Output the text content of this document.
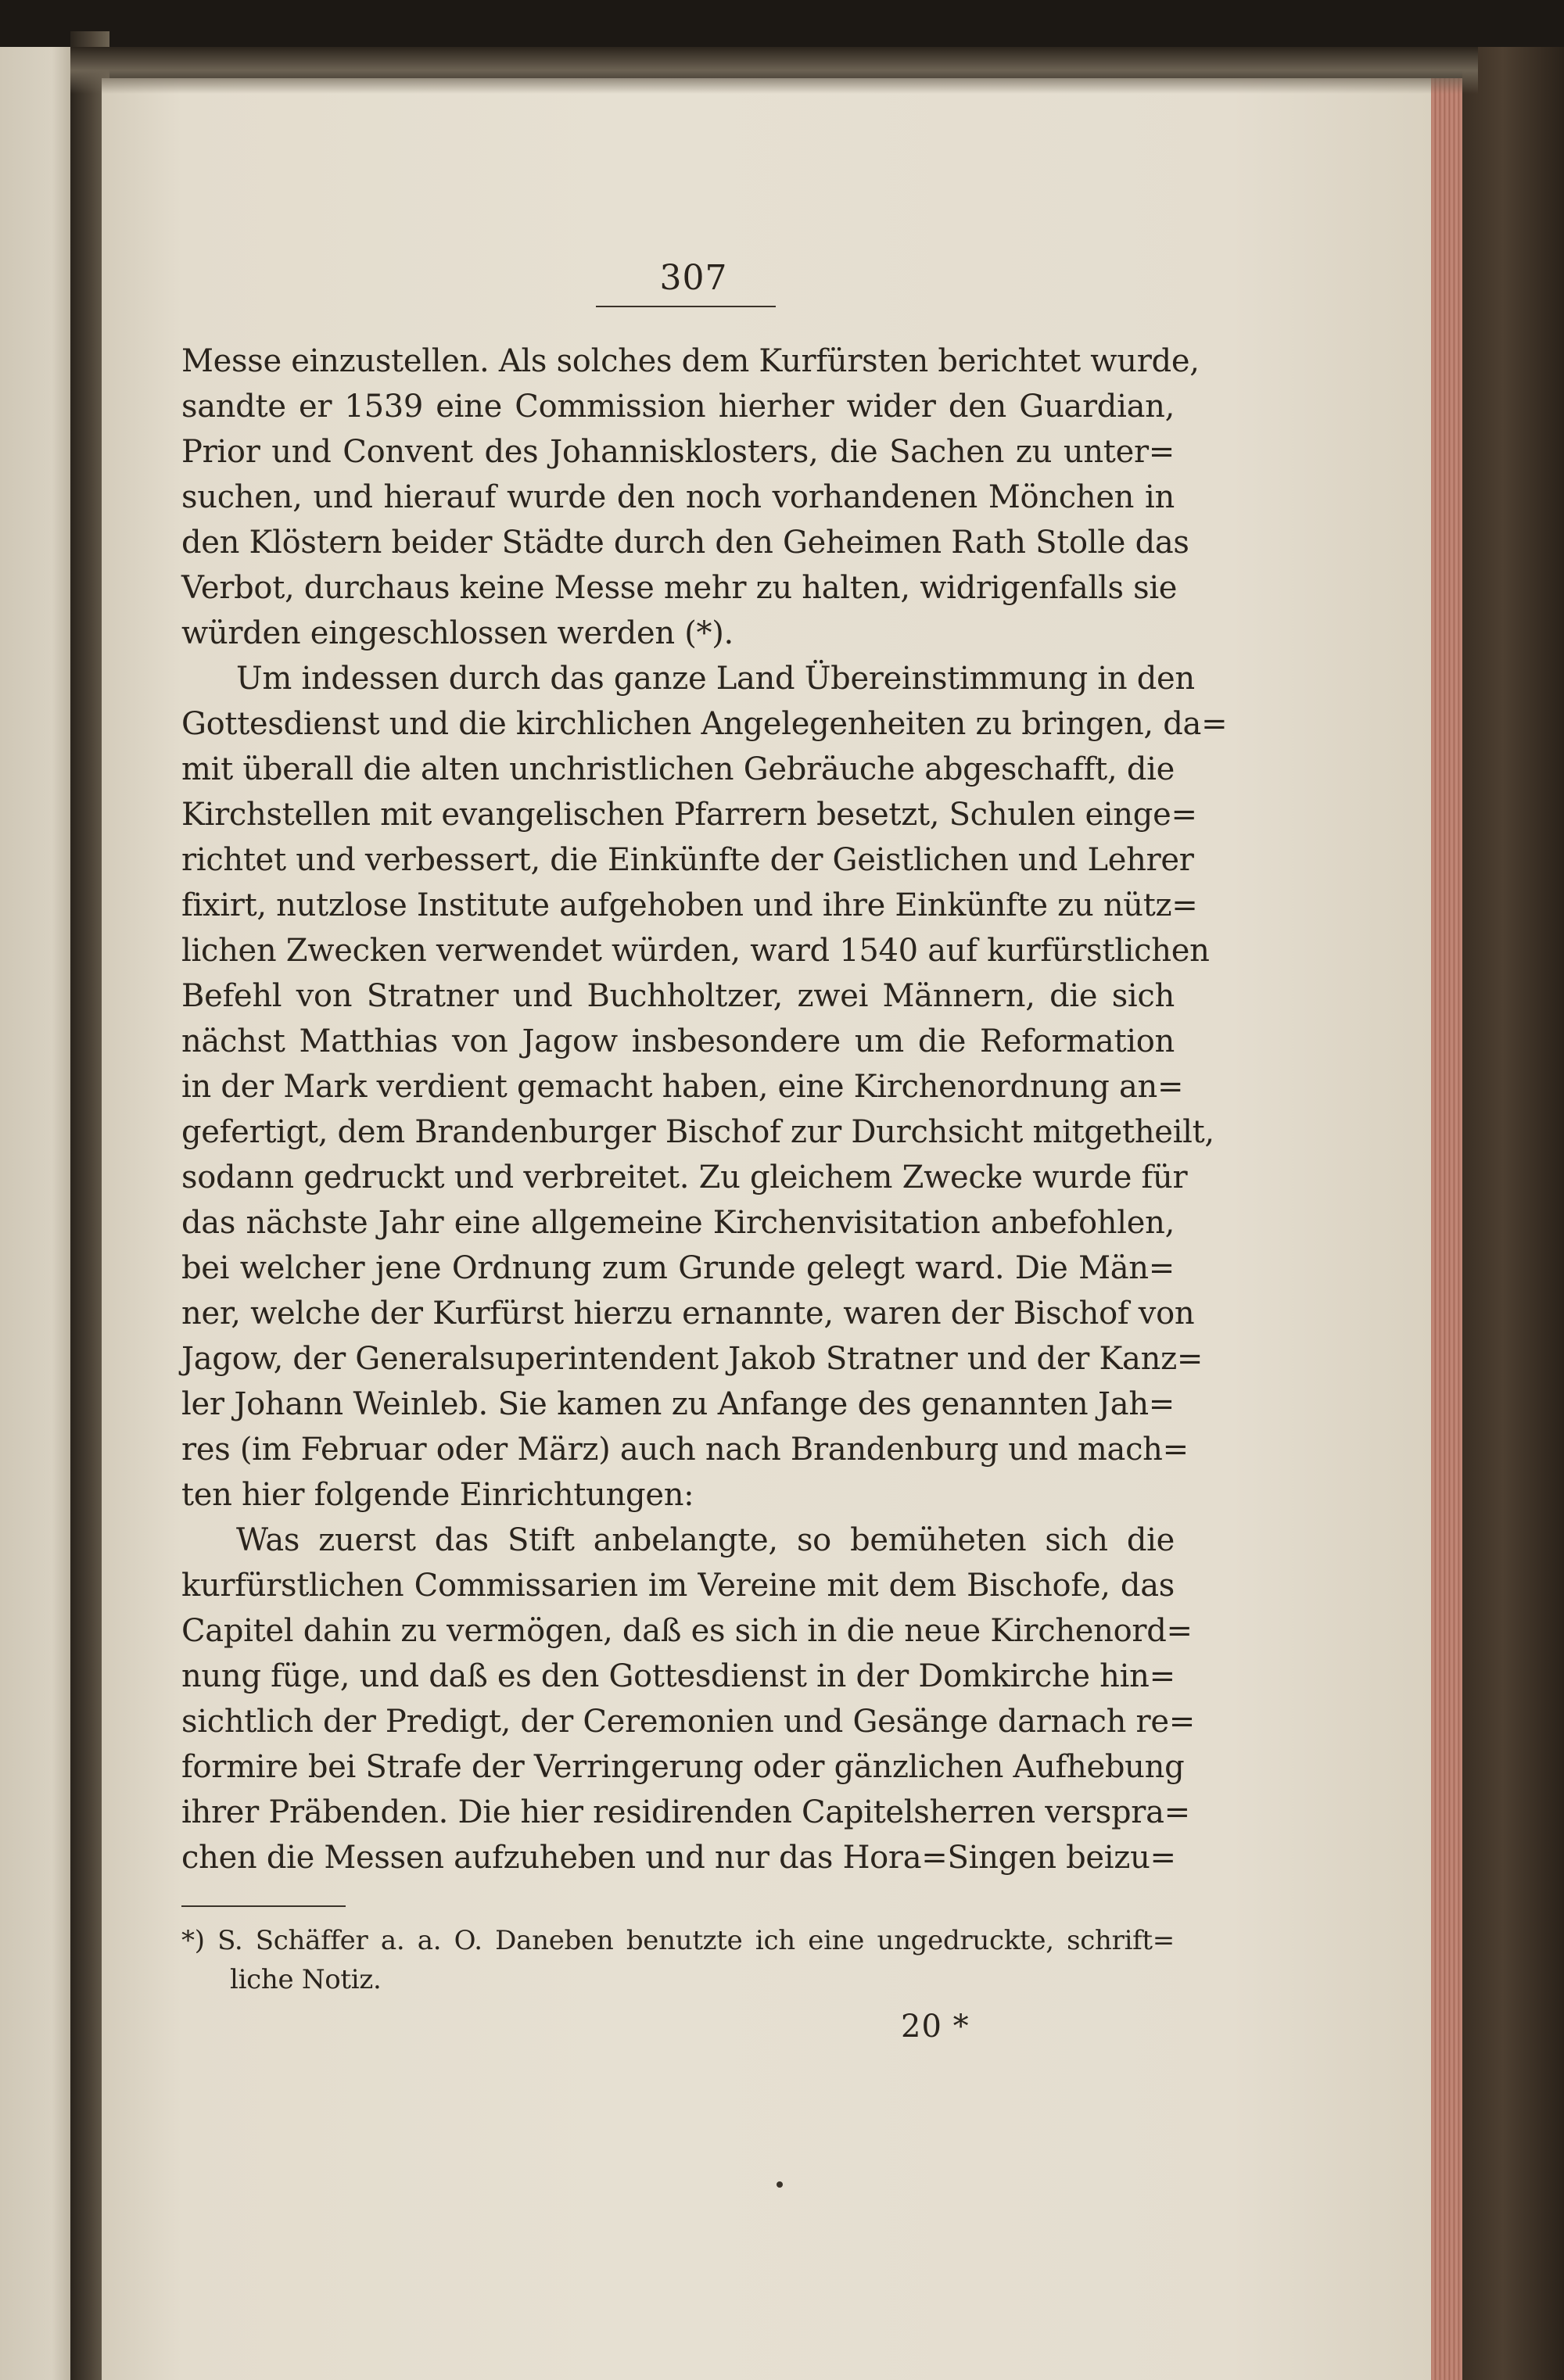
307
Messe einzustellen. Als solches dem Kurfürsten berichtet wurde,
sandte er 1539 eine Commission hierher wider den Guardian,
Prior und Convent des Johannisklosters, die Sachen zu unter=
suchen, und hierauf wurde den noch vorhandenen Mönchen in
den Klöstern beider Städte durch den Geheimen Rath Stolle das
Verbot, durchaus keine Messe mehr zu halten, widrigenfalls sie
würden eingeschlossen werden (*).
Um indessen durch das ganze Land Übereinstimmung in den
Gottesdienst und die kirchlichen Angelegenheiten zu bringen, da=
mit überall die alten unchristlichen Gebräuche abgeschafft, die
Kirchstellen mit evangelischen Pfarrern besetzt, Schulen einge=
richtet und verbessert, die Einkünfte der Geistlichen und Lehrer
fixirt, nutzlose Institute aufgehoben und ihre Einkünfte zu nütz=
lichen Zwecken verwendet würden, ward 1540 auf kurfürstlichen
Befehl von Stratner und Buchholtzer, zwei Männern, die sich
nächst Matthias von Jagow insbesondere um die Reformation
in der Mark verdient gemacht haben, eine Kirchenordnung an=
gefertigt, dem Brandenburger Bischof zur Durchsicht mitgetheilt,
sodann gedruckt und verbreitet. Zu gleichem Zwecke wurde für
das nächste Jahr eine allgemeine Kirchenvisitation anbefohlen,
bei welcher jene Ordnung zum Grunde gelegt ward. Die Män=
ner, welche der Kurfürst hierzu ernannte, waren der Bischof von
Jagow, der Generalsuperintendent Jakob Stratner und der Kanz=
ler Johann Weinleb. Sie kamen zu Anfange des genannten Jah=
res (im Februar oder März) auch nach Brandenburg und mach=
ten hier folgende Einrichtungen:
Was zuerst das Stift anbelangte, so bemüheten sich die
kurfürstlichen Commissarien im Vereine mit dem Bischofe, das
Capitel dahin zu vermögen, daß es sich in die neue Kirchenord=
nung füge, und daß es den Gottesdienst in der Domkirche hin=
sichtlich der Predigt, der Ceremonien und Gesänge darnach re=
formire bei Strafe der Verringerung oder gänzlichen Aufhebung
ihrer Präbenden. Die hier residirenden Capitelsherren verspra=
chen die Messen aufzuheben und nur das Hora=Singen beizu=
*) S. Schäffer a. a. O. Daneben benutzte ich eine ungedruckte, schrift=
liche Notiz.
20 *
